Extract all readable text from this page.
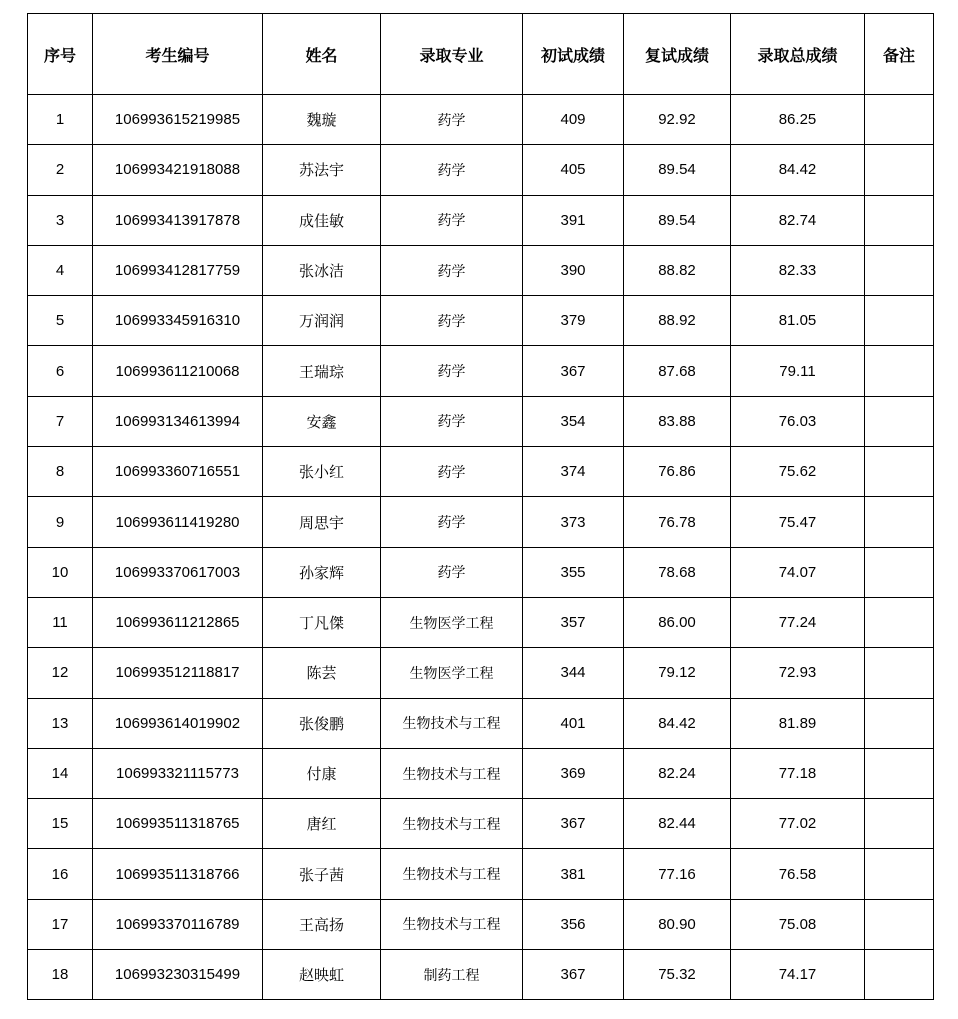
序号	考生编号	姓名	录取专业	初试成绩	复试成绩	录取总成绩	备注
1	106993615219985	魏璇	药学	409	92.92	86.25	
2	106993421918088	苏法宇	药学	405	89.54	84.42	
3	106993413917878	成佳敏	药学	391	89.54	82.74	
4	106993412817759	张冰洁	药学	390	88.82	82.33	
5	106993345916310	万润润	药学	379	88.92	81.05	
6	106993611210068	王瑞琮	药学	367	87.68	79.11	
7	106993134613994	安鑫	药学	354	83.88	76.03	
8	106993360716551	张小红	药学	374	76.86	75.62	
9	106993611419280	周思宇	药学	373	76.78	75.47	
10	106993370617003	孙家辉	药学	355	78.68	74.07	
11	106993611212865	丁凡傑	生物医学工程	357	86.00	77.24	
12	106993512118817	陈芸	生物医学工程	344	79.12	72.93	
13	106993614019902	张俊鹏	生物技术与工程	401	84.42	81.89	
14	106993321115773	付康	生物技术与工程	369	82.24	77.18	
15	106993511318765	唐红	生物技术与工程	367	82.44	77.02	
16	106993511318766	张子茜	生物技术与工程	381	77.16	76.58	
17	106993370116789	王高扬	生物技术与工程	356	80.90	75.08	
18	106993230315499	赵映虹	制药工程	367	75.32	74.17	
